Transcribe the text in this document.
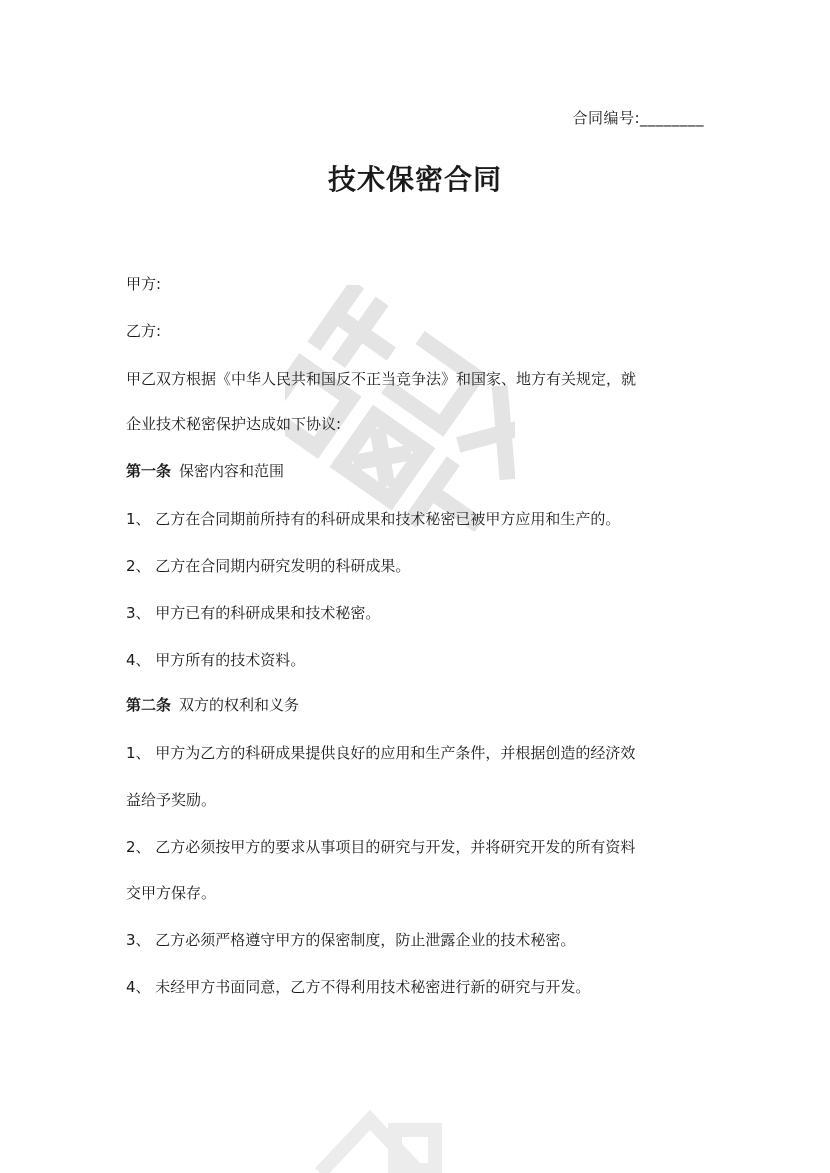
合同编号:________
技术保密合同
甲方:
乙方:
甲乙双方根据《中华人民共和国反不正当竞争法》和国家、地方有关规定，就
企业技术秘密保护达成如下协议:
第一条 保密内容和范围
1、 乙方在合同期前所持有的科研成果和技术秘密已被甲方应用和生产的。
2、 乙方在合同期内研究发明的科研成果。
3、 甲方已有的科研成果和技术秘密。
4、 甲方所有的技术资料。
第二条 双方的权利和义务
1、 甲方为乙方的科研成果提供良好的应用和生产条件，并根据创造的经济效
益给予奖励。
2、 乙方必须按甲方的要求从事项目的研究与开发，并将研究开发的所有资料
交甲方保存。
3、 乙方必须严格遵守甲方的保密制度，防止泄露企业的技术秘密。
4、 未经甲方书面同意，乙方不得利用技术秘密进行新的研究与开发。
